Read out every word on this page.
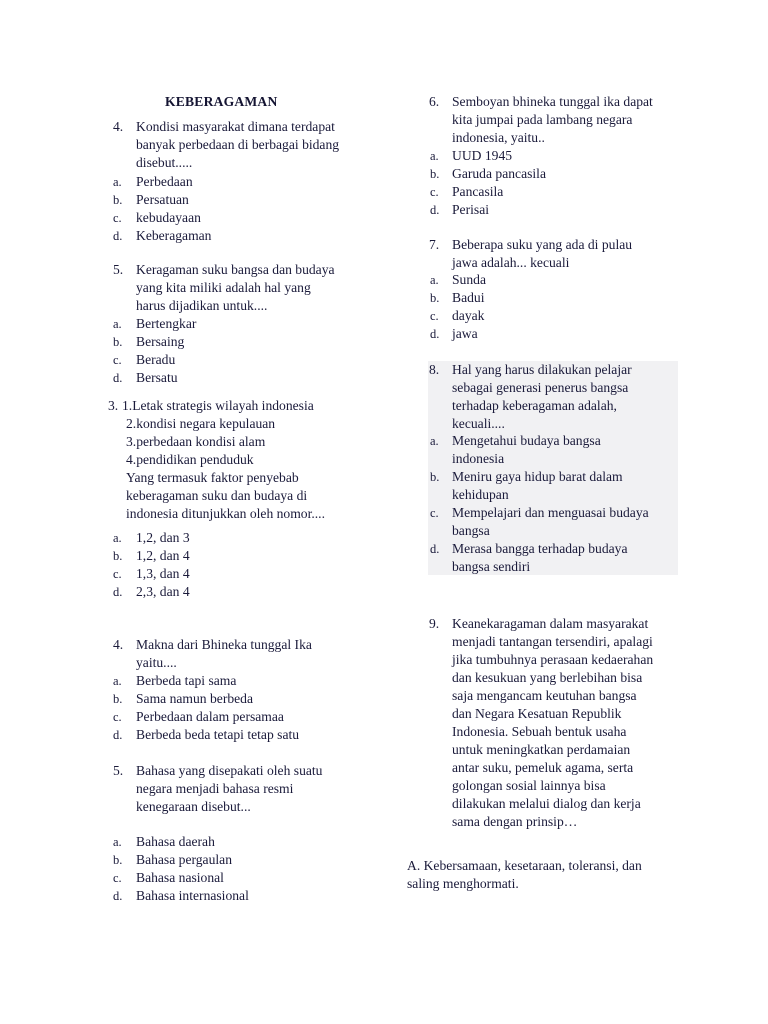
KEBERAGAMAN
4. Kondisi masyarakat dimana terdapat
banyak perbedaan di berbagai bidang
disebut.....
a. Perbedaan
b. Persatuan
c. kebudayaan
d. Keberagaman
5. Keragaman suku bangsa dan budaya
yang kita miliki adalah hal yang
harus dijadikan untuk....
a. Bertengkar
b. Bersaing
c. Beradu
d. Bersatu
3. 1.Letak strategis wilayah indonesia
2.kondisi negara kepulauan
3.perbedaan kondisi alam
4.pendidikan penduduk
Yang termasuk faktor penyebab
keberagaman suku dan budaya di
indonesia ditunjukkan oleh nomor....
a. 1,2, dan 3
b. 1,2, dan 4
c. 1,3, dan 4
d. 2,3, dan 4
4. Makna dari Bhineka tunggal Ika
yaitu....
a. Berbeda tapi sama
b. Sama namun berbeda
c. Perbedaan dalam persamaa
d. Berbeda beda tetapi tetap satu
5. Bahasa yang disepakati oleh suatu
negara menjadi bahasa resmi
kenegaraan disebut...
a. Bahasa daerah
b. Bahasa pergaulan
c. Bahasa nasional
d. Bahasa internasional
6. Semboyan bhineka tunggal ika dapat
kita jumpai pada lambang negara
indonesia, yaitu..
a. UUD 1945
b. Garuda pancasila
c. Pancasila
d. Perisai
7. Beberapa suku yang ada di pulau
jawa adalah... kecuali
a. Sunda
b. Badui
c. dayak
d. jawa
8. Hal yang harus dilakukan pelajar
sebagai generasi penerus bangsa
terhadap keberagaman adalah,
kecuali....
a. Mengetahui budaya bangsa
indonesia
b. Meniru gaya hidup barat dalam
kehidupan
c. Mempelajari dan menguasai budaya
bangsa
d. Merasa bangga terhadap budaya
bangsa sendiri
9. Keanekaragaman dalam masyarakat
menjadi tantangan tersendiri, apalagi
jika tumbuhnya perasaan kedaerahan
dan kesukuan yang berlebihan bisa
saja mengancam keutuhan bangsa
dan Negara Kesatuan Republik
Indonesia. Sebuah bentuk usaha
untuk meningkatkan perdamaian
antar suku, pemeluk agama, serta
golongan sosial lainnya bisa
dilakukan melalui dialog dan kerja
sama dengan prinsip…
A. Kebersamaan, kesetaraan, toleransi, dan
saling menghormati.
